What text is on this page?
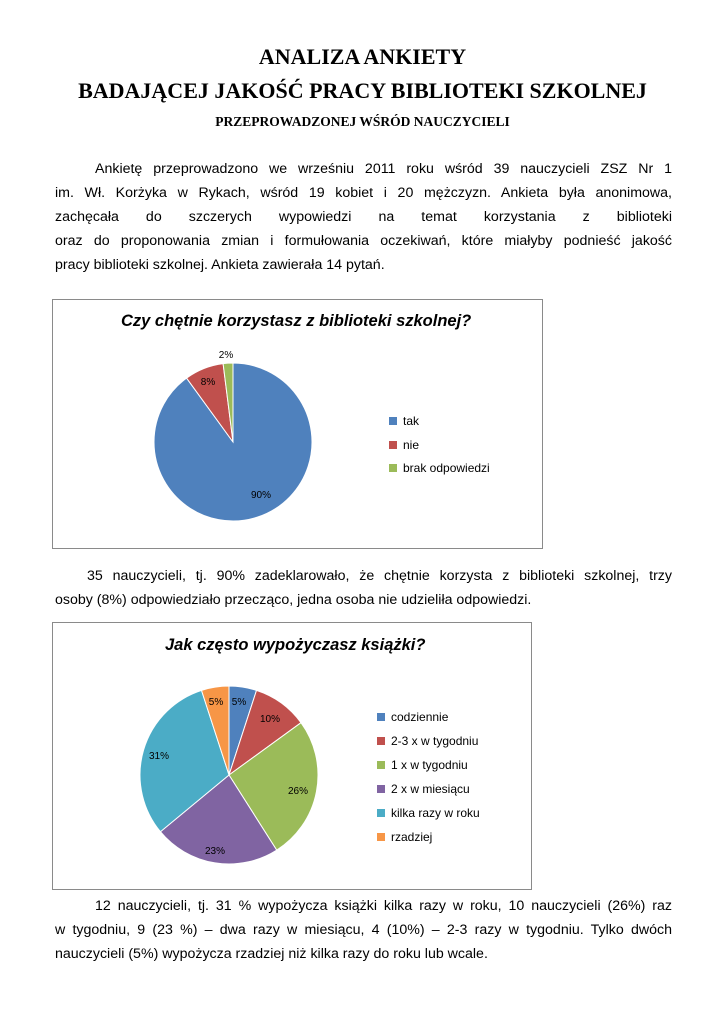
ANALIZA ANKIETY
BADAJĄCEJ JAKOŚĆ PRACY BIBLIOTEKI SZKOLNEJ
PRZEPROWADZONEJ WŚRÓD NAUCZYCIELI
Ankietę przeprowadzono we wrześniu 2011 roku wśród 39 nauczycieli ZSZ Nr 1
im. Wł. Korżyka w Rykach, wśród 19 kobiet i 20 mężczyzn. Ankieta była anonimowa,
zachęcała do szczerych wypowiedzi na temat korzystania z biblioteki
oraz do proponowania zmian i formułowania oczekiwań, które miałyby podnieść jakość
pracy biblioteki szkolnej. Ankieta zawierała 14 pytań.
Czy chętnie korzystasz z biblioteki szkolnej?
90%
8%
2%
tak
nie
brak odpowiedzi
35 nauczycieli, tj. 90% zadeklarowało, że chętnie korzysta z biblioteki szkolnej, trzy
osoby (8%) odpowiedziało przecząco, jedna osoba nie udzieliła odpowiedzi.
Jak często wypożyczasz książki?
5%
10%
26%
23%
31%
5%
codziennie
2-3 x w tygodniu
1 x w tygodniu
2 x w miesiącu
kilka razy w roku
rzadziej
12 nauczycieli, tj. 31 % wypożycza książki kilka razy w roku, 10 nauczycieli (26%) raz
w tygodniu, 9 (23 %) – dwa razy w miesiącu, 4 (10%) – 2-3 razy w tygodniu. Tylko dwóch
nauczycieli (5%) wypożycza rzadziej niż kilka razy do roku lub wcale.
